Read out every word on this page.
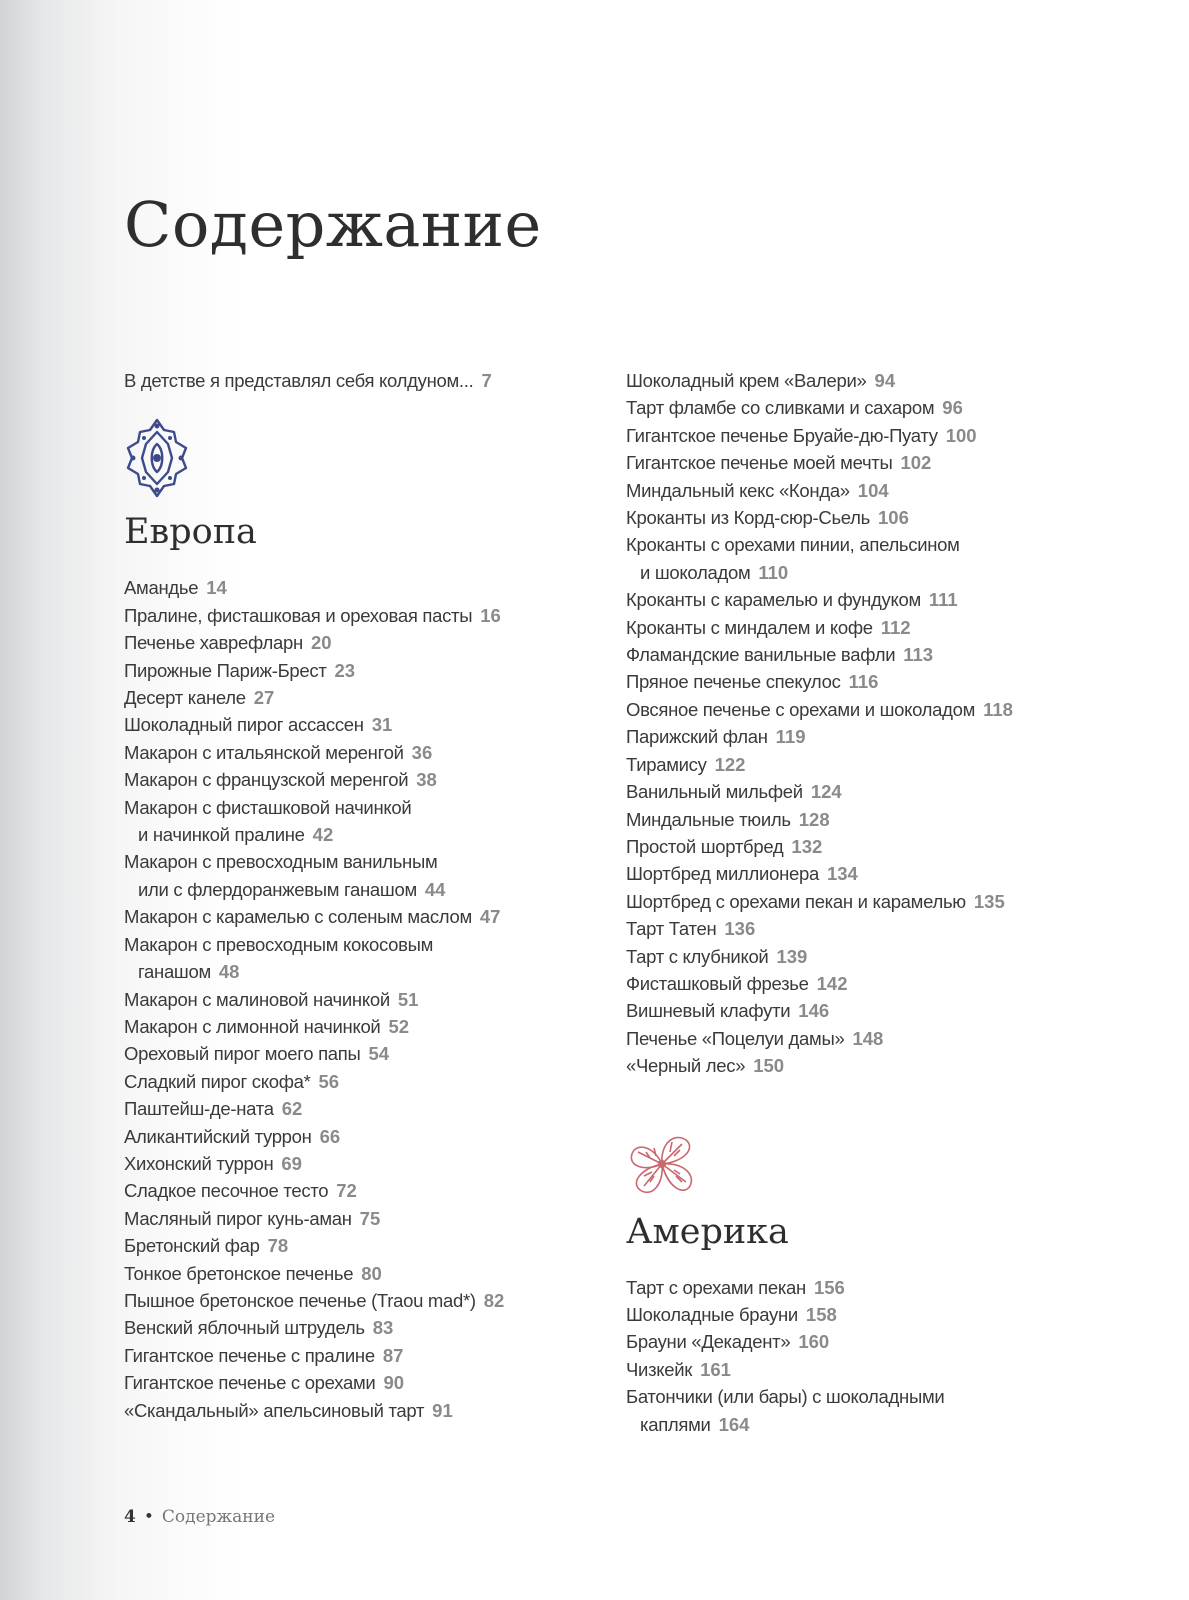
Содержание
В детстве я представлял себя колдуном... 7
Европа
Амандье 14
Пралине, фисташковая и ореховая пасты 16
Печенье хаврефларн 20
Пирожные Париж-Брест 23
Десерт канеле 27
Шоколадный пирог ассассен 31
Макарон с итальянской меренгой 36
Макарон с французской меренгой 38
Макарон с фисташковой начинкой
и начинкой пралине 42
Макарон с превосходным ванильным
или с флердоранжевым ганашом 44
Макарон с карамелью с соленым маслом 47
Макарон с превосходным кокосовым
ганашом 48
Макарон с малиновой начинкой 51
Макарон с лимонной начинкой 52
Ореховый пирог моего папы 54
Сладкий пирог скофа* 56
Паштейш-де-ната 62
Аликантийский туррон 66
Хихонский туррон 69
Сладкое песочное тесто 72
Масляный пирог кунь-аман 75
Бретонский фар 78
Тонкое бретонское печенье 80
Пышное бретонское печенье (Traou mad*) 82
Венский яблочный штрудель 83
Гигантское печенье с пралине 87
Гигантское печенье с орехами 90
«Скандальный» апельсиновый тарт 91
Шоколадный крем «Валери» 94
Тарт фламбе со сливками и сахаром 96
Гигантское печенье Бруайе-дю-Пуату 100
Гигантское печенье моей мечты 102
Миндальный кекс «Конда» 104
Кроканты из Корд-сюр-Сьель 106
Кроканты с орехами пинии, апельсином
и шоколадом 110
Кроканты с карамелью и фундуком 111
Кроканты с миндалем и кофе 112
Фламандские ванильные вафли 113
Пряное печенье спекулос 116
Овсяное печенье с орехами и шоколадом 118
Парижский флан 119
Тирамису 122
Ванильный мильфей 124
Миндальные тюиль 128
Простой шортбред 132
Шортбред миллионера 134
Шортбред с орехами пекан и карамелью 135
Тарт Татен 136
Тарт с клубникой 139
Фисташковый фрезье 142
Вишневый клафути 146
Печенье «Поцелуи дамы» 148
«Черный лес» 150
Америка
Тарт с орехами пекан 156
Шоколадные брауни 158
Брауни «Декадент» 160
Чизкейк 161
Батончики (или бары) с шоколадными
каплями 164
4 • Содержание
